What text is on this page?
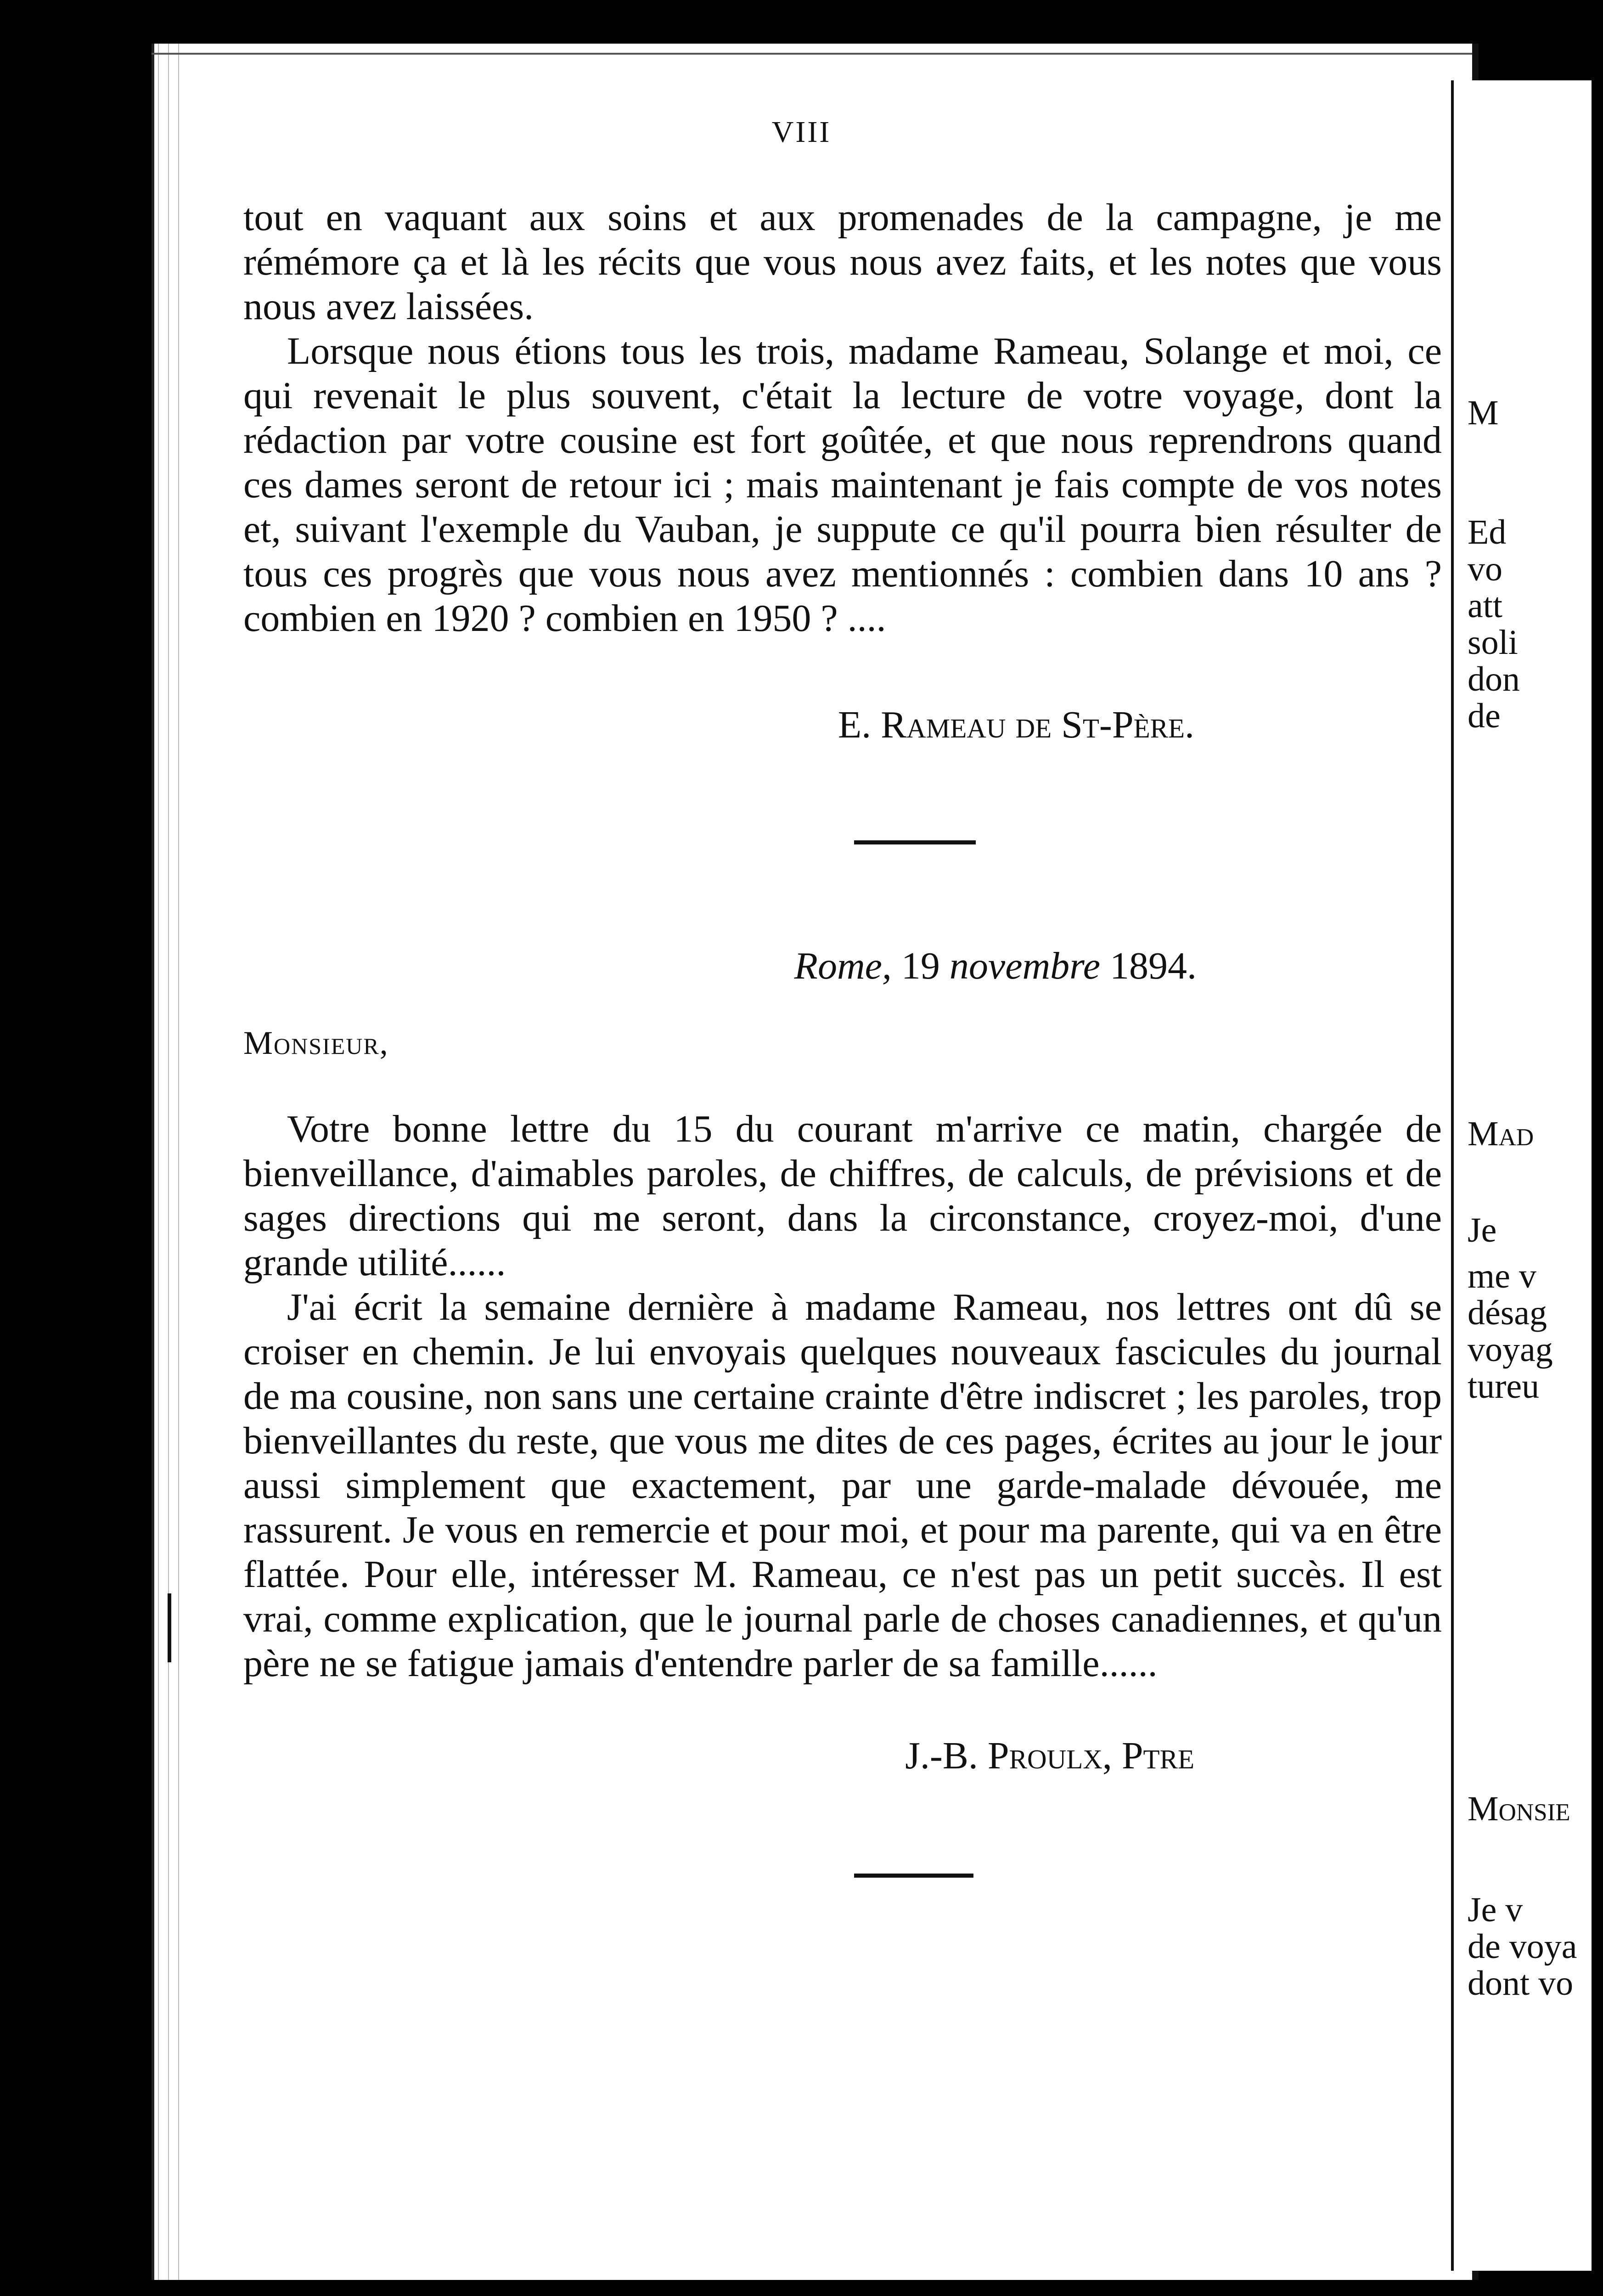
VIII

tout en vaquant aux soins et aux promenades de la campagne, je me rémémore ça et là les récits que vous nous avez faits, et les notes que vous nous avez laissées.

Lorsque nous étions tous les trois, madame Rameau, Solange et moi, ce qui revenait le plus souvent, c'était la lecture de votre voyage, dont la rédaction par votre cousine est fort goûtée, et que nous reprendrons quand ces dames seront de retour ici ; mais maintenant je fais compte de vos notes et, suivant l'exemple du Vauban, je suppute ce qu'il pourra bien résulter de tous ces progrès que vous nous avez mentionnés : combien dans 10 ans ? combien en 1920 ? combien en 1950 ? ....

E. Rameau de St-Père.
Rome, 19 novembre 1894.
Monsieur,

Votre bonne lettre du 15 du courant m'arrive ce matin, chargée de bienveillance, d'aimables paroles, de chiffres, de calculs, de prévisions et de sages directions qui me seront, dans la circonstance, croyez-moi, d'une grande utilité......

J'ai écrit la semaine dernière à madame Rameau, nos lettres ont dû se croiser en chemin. Je lui envoyais quelques nouveaux fascicules du journal de ma cousine, non sans une certaine crainte d'être indiscret ; les paroles, trop bienveillantes du reste, que vous me dites de ces pages, écrites au jour le jour aussi simplement que exactement, par une garde-malade dévouée, me rassurent. Je vous en remercie et pour moi, et pour ma parente, qui va en être flattée. Pour elle, intéresser M. Rameau, ce n'est pas un petit succès. Il est vrai, comme explication, que le journal parle de choses canadiennes, et qu'un père ne se fatigue jamais d'entendre parler de sa famille......

J.-B. Proulx, Ptre
M
Ed
vo
att
soli
don
de
Mad
Je
me v
désag
voyag
tureu
Monsie
Je v
de voya
dont vo
